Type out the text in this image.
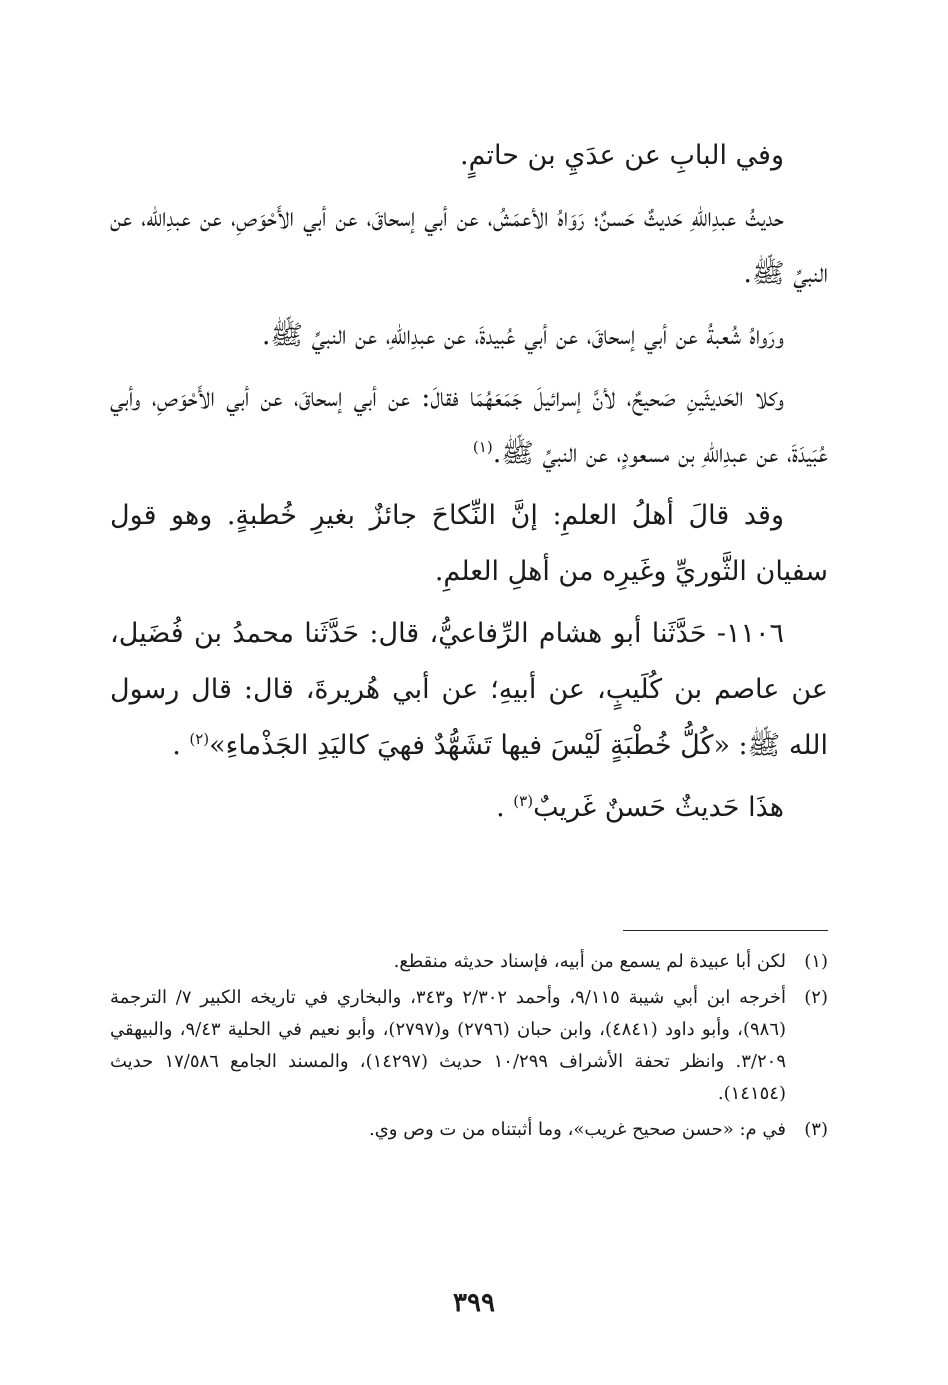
وفي البابِ عن عدَيِ بن حاتمٍ.

حديثُ عبدِاللهِ حَديثٌ حَسنٌ؛ رَوَاهُ الأعمَشُ، عن أبي إسحاقَ، عن أبي الأَحْوَصِ، عن عبدِالله، عن النبيِّ ﷺ.

ورَواهُ شُعبةُ عن أبي إسحاقَ، عن أبي عُبيدةَ، عن عبدِاللهِ، عن النبيِّ ﷺ.

وكلا الحَديثَينِ صَحيحٌ، لأنَّ إسرائيلَ جَمَعَهُمَا فقالَ: عن أبي إسحاقَ، عن أبي الأَحْوَصِ، وأبي عُبَيدَةَ، عن عبدِاللهِ بن مسعودٍ، عن النبيِّ ﷺ.$^{(١)}$

وقد قالَ أهلُ العلمِ: إنَّ النِّكاحَ جائزٌ بغيرِ خُطبةٍ. وهو قول سفيان الثَّوريِّ وغَيرِه من أهلِ العلمِ.

١١٠٦- حَدَّثَنا أبو هشام الرِّفاعيُّ، قال: حَدَّثَنا محمدُ بن فُضَيل، عن عاصم بن كُلَيبٍ، عن أبيهِ؛ عن أبي هُريرةَ، قال: قال رسول الله ﷺ: «كُلُّ خُطْبَةٍ لَيْسَ فيها تَشَهُّدٌ فهيَ كاليَدِ الجَذْماءِ»$^{(٢)}$ .

هذَا حَديثٌ حَسنٌ غَريبٌ$^{(٣)}$ .

(١)
لكن أبا عبيدة لم يسمع من أبيه، فإسناد حديثه منقطع.
(٢)
أخرجه ابن أبي شيبة ٩/١١٥، وأحمد ٢/٣٠٢ و٣٤٣، والبخاري في تاريخه الكبير ٧/ الترجمة (٩٨٦)، وأبو داود (٤٨٤١)، وابن حبان (٢٧٩٦) و(٢٧٩٧)، وأبو نعيم في الحلية ٩/٤٣، والبيهقي ٣/٢٠٩. وانظر تحفة الأشراف ١٠/٢٩٩ حديث (١٤٢٩٧)، والمسند الجامع ١٧/٥٨٦ حديث (١٤١٥٤).
(٣)
في م: «حسن صحيح غريب»، وما أثبتناه من ت وص وي.
٣٩٩
